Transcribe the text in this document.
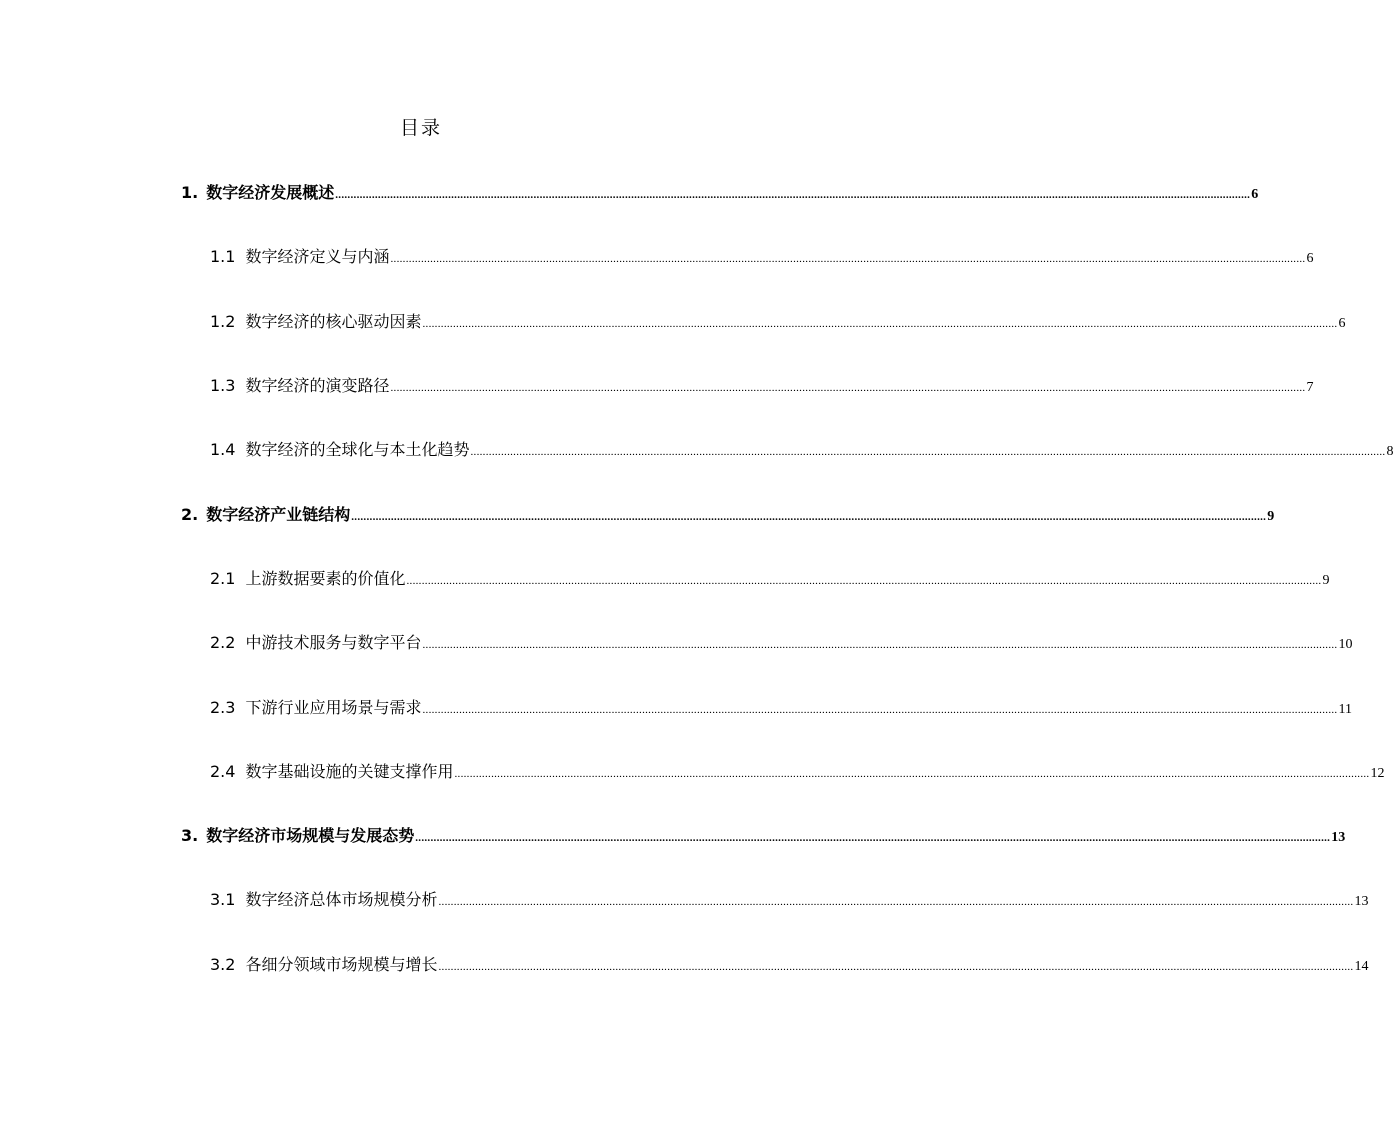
目录
1. 数字经济发展概述 ............................................................................................................................................................................................................................................................................................................ 6
1.1 数字经济定义与内涵 ............................................................................................................................................................................................................................................................................................................ 6
1.2 数字经济的核心驱动因素 ............................................................................................................................................................................................................................................................................................................ 6
1.3 数字经济的演变路径 ............................................................................................................................................................................................................................................................................................................ 7
1.4 数字经济的全球化与本土化趋势 ............................................................................................................................................................................................................................................................................................................ 8
2. 数字经济产业链结构 ............................................................................................................................................................................................................................................................................................................ 9
2.1 上游数据要素的价值化 ............................................................................................................................................................................................................................................................................................................ 9
2.2 中游技术服务与数字平台 ............................................................................................................................................................................................................................................................................................................ 10
2.3 下游行业应用场景与需求 ............................................................................................................................................................................................................................................................................................................ 11
2.4 数字基础设施的关键支撑作用 ............................................................................................................................................................................................................................................................................................................ 12
3. 数字经济市场规模与发展态势 ............................................................................................................................................................................................................................................................................................................ 13
3.1 数字经济总体市场规模分析 ............................................................................................................................................................................................................................................................................................................ 13
3.2 各细分领域市场规模与增长 ............................................................................................................................................................................................................................................................................................................ 14
